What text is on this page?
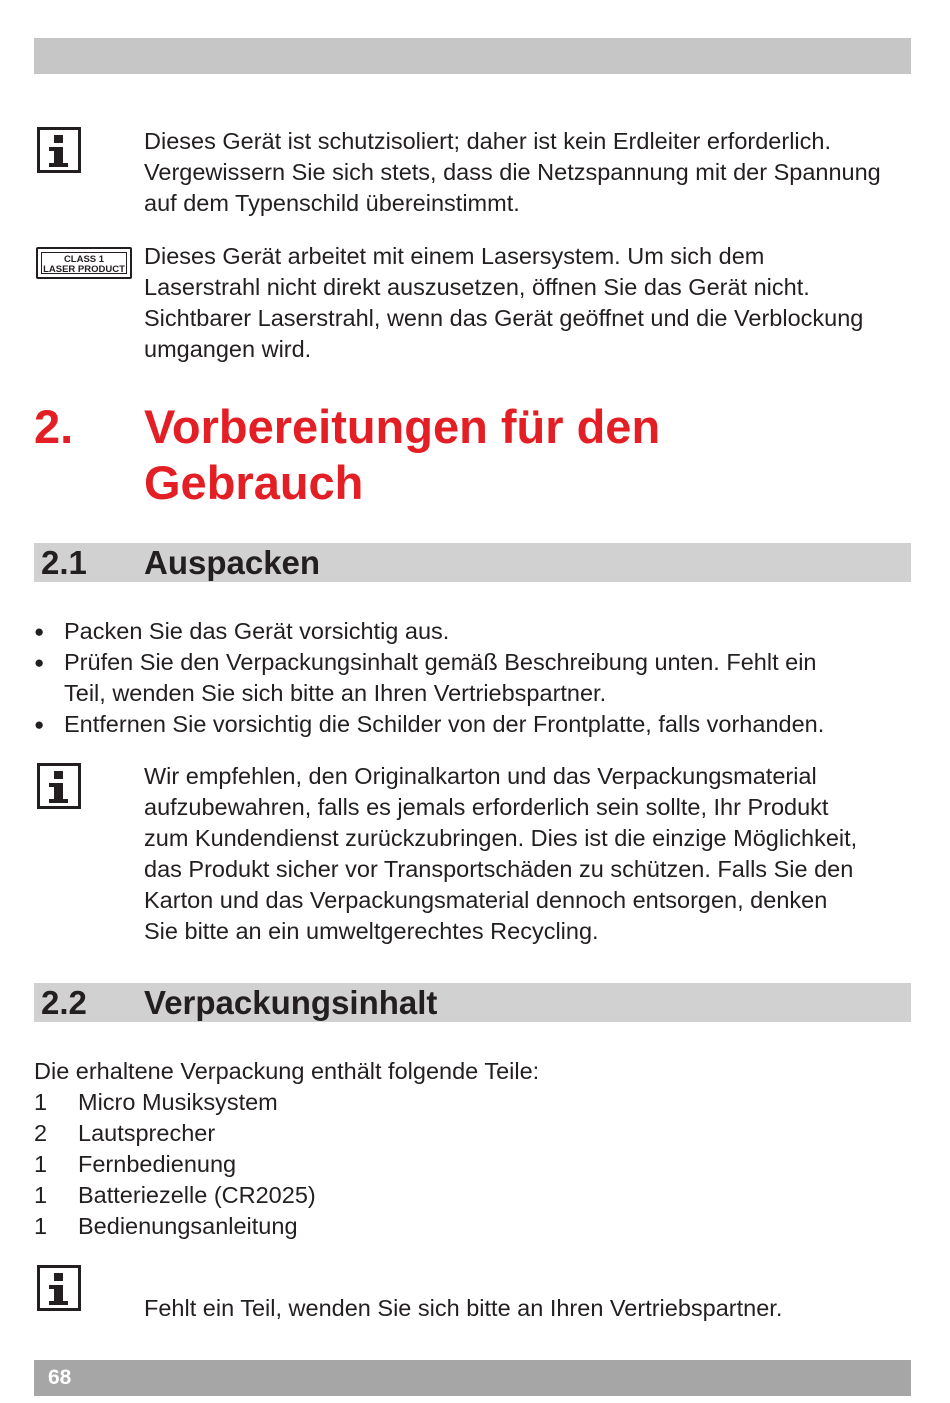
Dieses Gerät ist schutzisoliert; daher ist kein Erdleiter erforderlich.
Vergewissern Sie sich stets, dass die Netzspannung mit der Spannung
auf dem Typenschild übereinstimmt.

CLASS 1
LASER PRODUCT

Dieses Gerät arbeitet mit einem Lasersystem. Um sich dem
Laserstrahl nicht direkt auszusetzen, öffnen Sie das Gerät nicht.
Sichtbarer Laserstrahl, wenn das Gerät geöffnet und die Verblockung
umgangen wird.

2. Vorbereitungen für den
Gebrauch
2.1 Auspacken
● Packen Sie das Gerät vorsichtig aus.
● Prüfen Sie den Verpackungsinhalt gemäß Beschreibung unten. Fehlt ein
Teil, wenden Sie sich bitte an Ihren Vertriebspartner.
● Entfernen Sie vorsichtig die Schilder von der Frontplatte, falls vorhanden.

Wir empfehlen, den Originalkarton und das Verpackungsmaterial
aufzubewahren, falls es jemals erforderlich sein sollte, Ihr Produkt
zum Kundendienst zurückzubringen. Dies ist die einzige Möglichkeit,
das Produkt sicher vor Transportschäden zu schützen. Falls Sie den
Karton und das Verpackungsmaterial dennoch entsorgen, denken
Sie bitte an ein umweltgerechtes Recycling.

2.2 Verpackungsinhalt
Die erhaltene Verpackung enthält folgende Teile:
1	Micro Musiksystem
2	Lautsprecher
1	Fernbedienung
1	Batteriezelle (CR2025)
1	Bedienungsanleitung

Fehlt ein Teil, wenden Sie sich bitte an Ihren Vertriebspartner.

68
